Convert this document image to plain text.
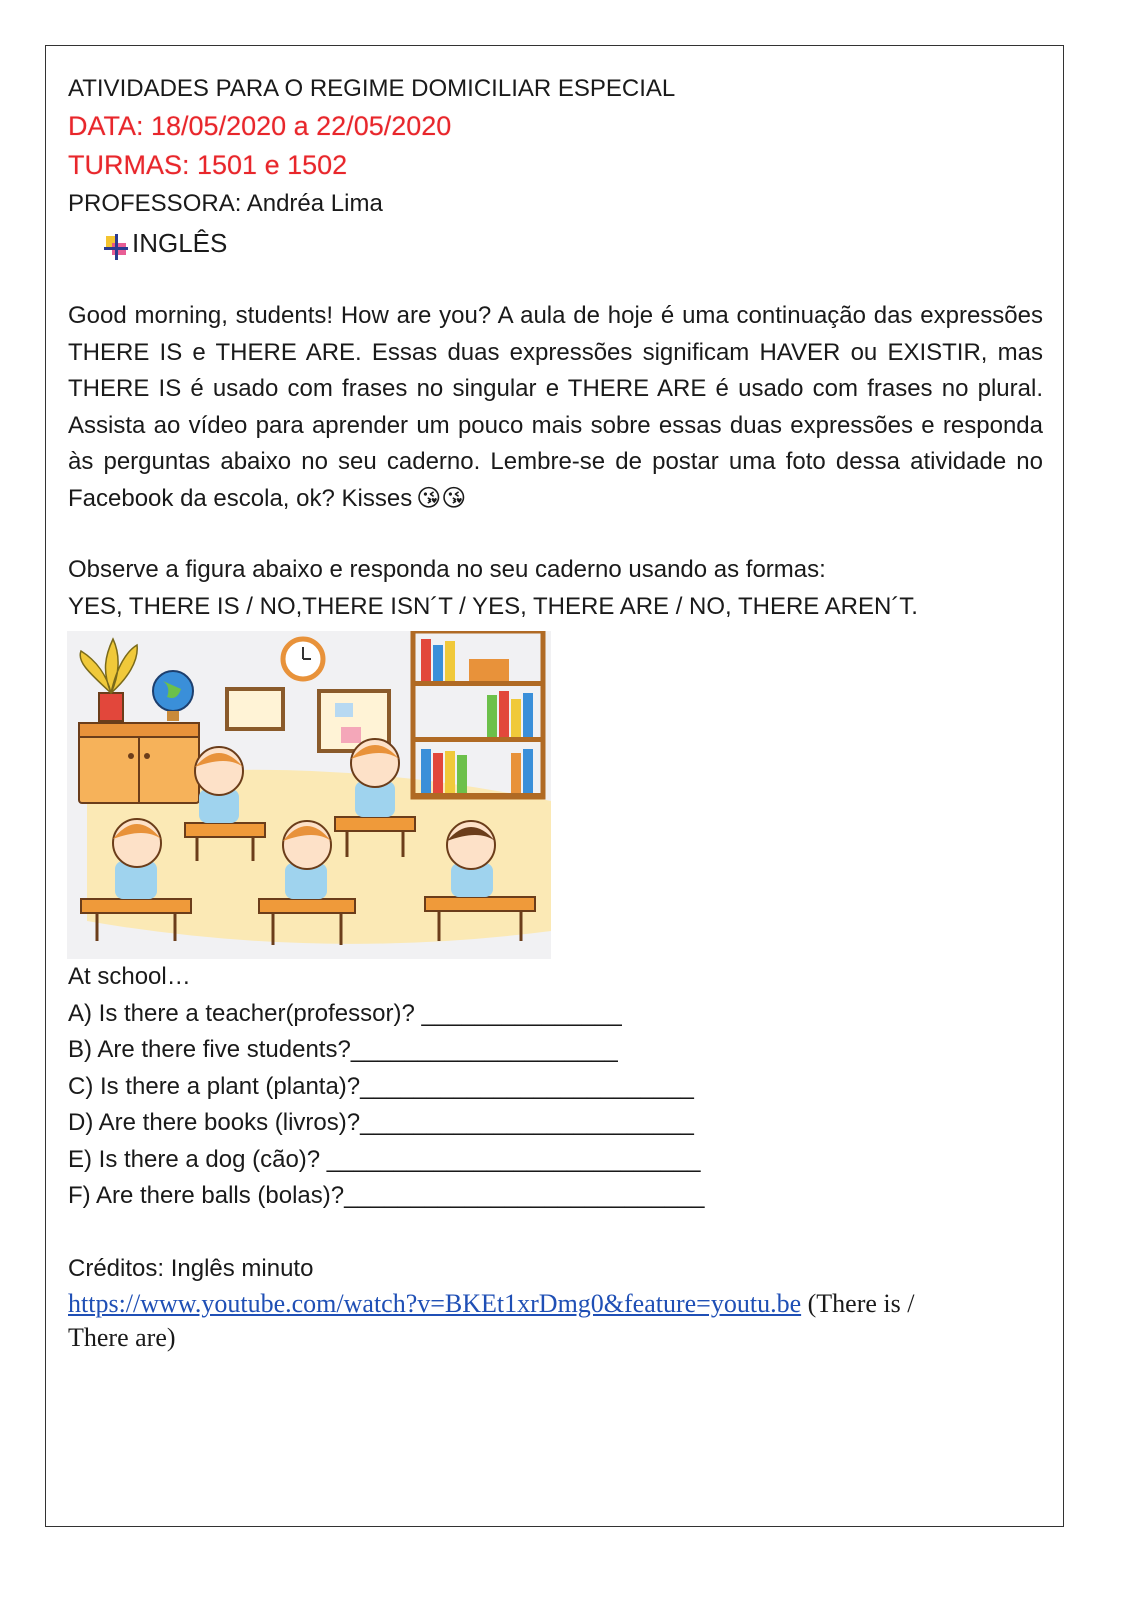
ATIVIDADES PARA O REGIME DOMICILIAR ESPECIAL
DATA: 18/05/2020 a 22/05/2020
TURMAS: 1501 e 1502
PROFESSORA: Andréa Lima
INGLÊS
Good morning, students! How are you? A aula de hoje é uma continuação das expressões THERE IS e THERE ARE. Essas duas expressões significam HAVER ou EXISTIR, mas THERE IS é usado com frases no singular e THERE ARE é usado com frases no plural. Assista ao vídeo para aprender um pouco mais sobre essas duas expressões e responda às perguntas abaixo no seu caderno. Lembre-se de postar uma foto dessa atividade no Facebook da escola, ok? Kisses 😘😘
Observe a figura abaixo e responda no seu caderno usando as formas:
YES, THERE IS / NO,THERE ISN´T / YES, THERE ARE / NO, THERE AREN´T.
At school…
A) Is there a teacher(professor)? _______________
B) Are there five students?____________________
C) Is there a plant (planta)?_________________________
D) Are there books (livros)?_________________________
E) Is there a dog (cão)? ____________________________
F) Are there balls (bolas)?___________________________
Créditos: Inglês minuto
https://www.youtube.com/watch?v=BKEt1xrDmg0&feature=youtu.be (There is /
There are)
